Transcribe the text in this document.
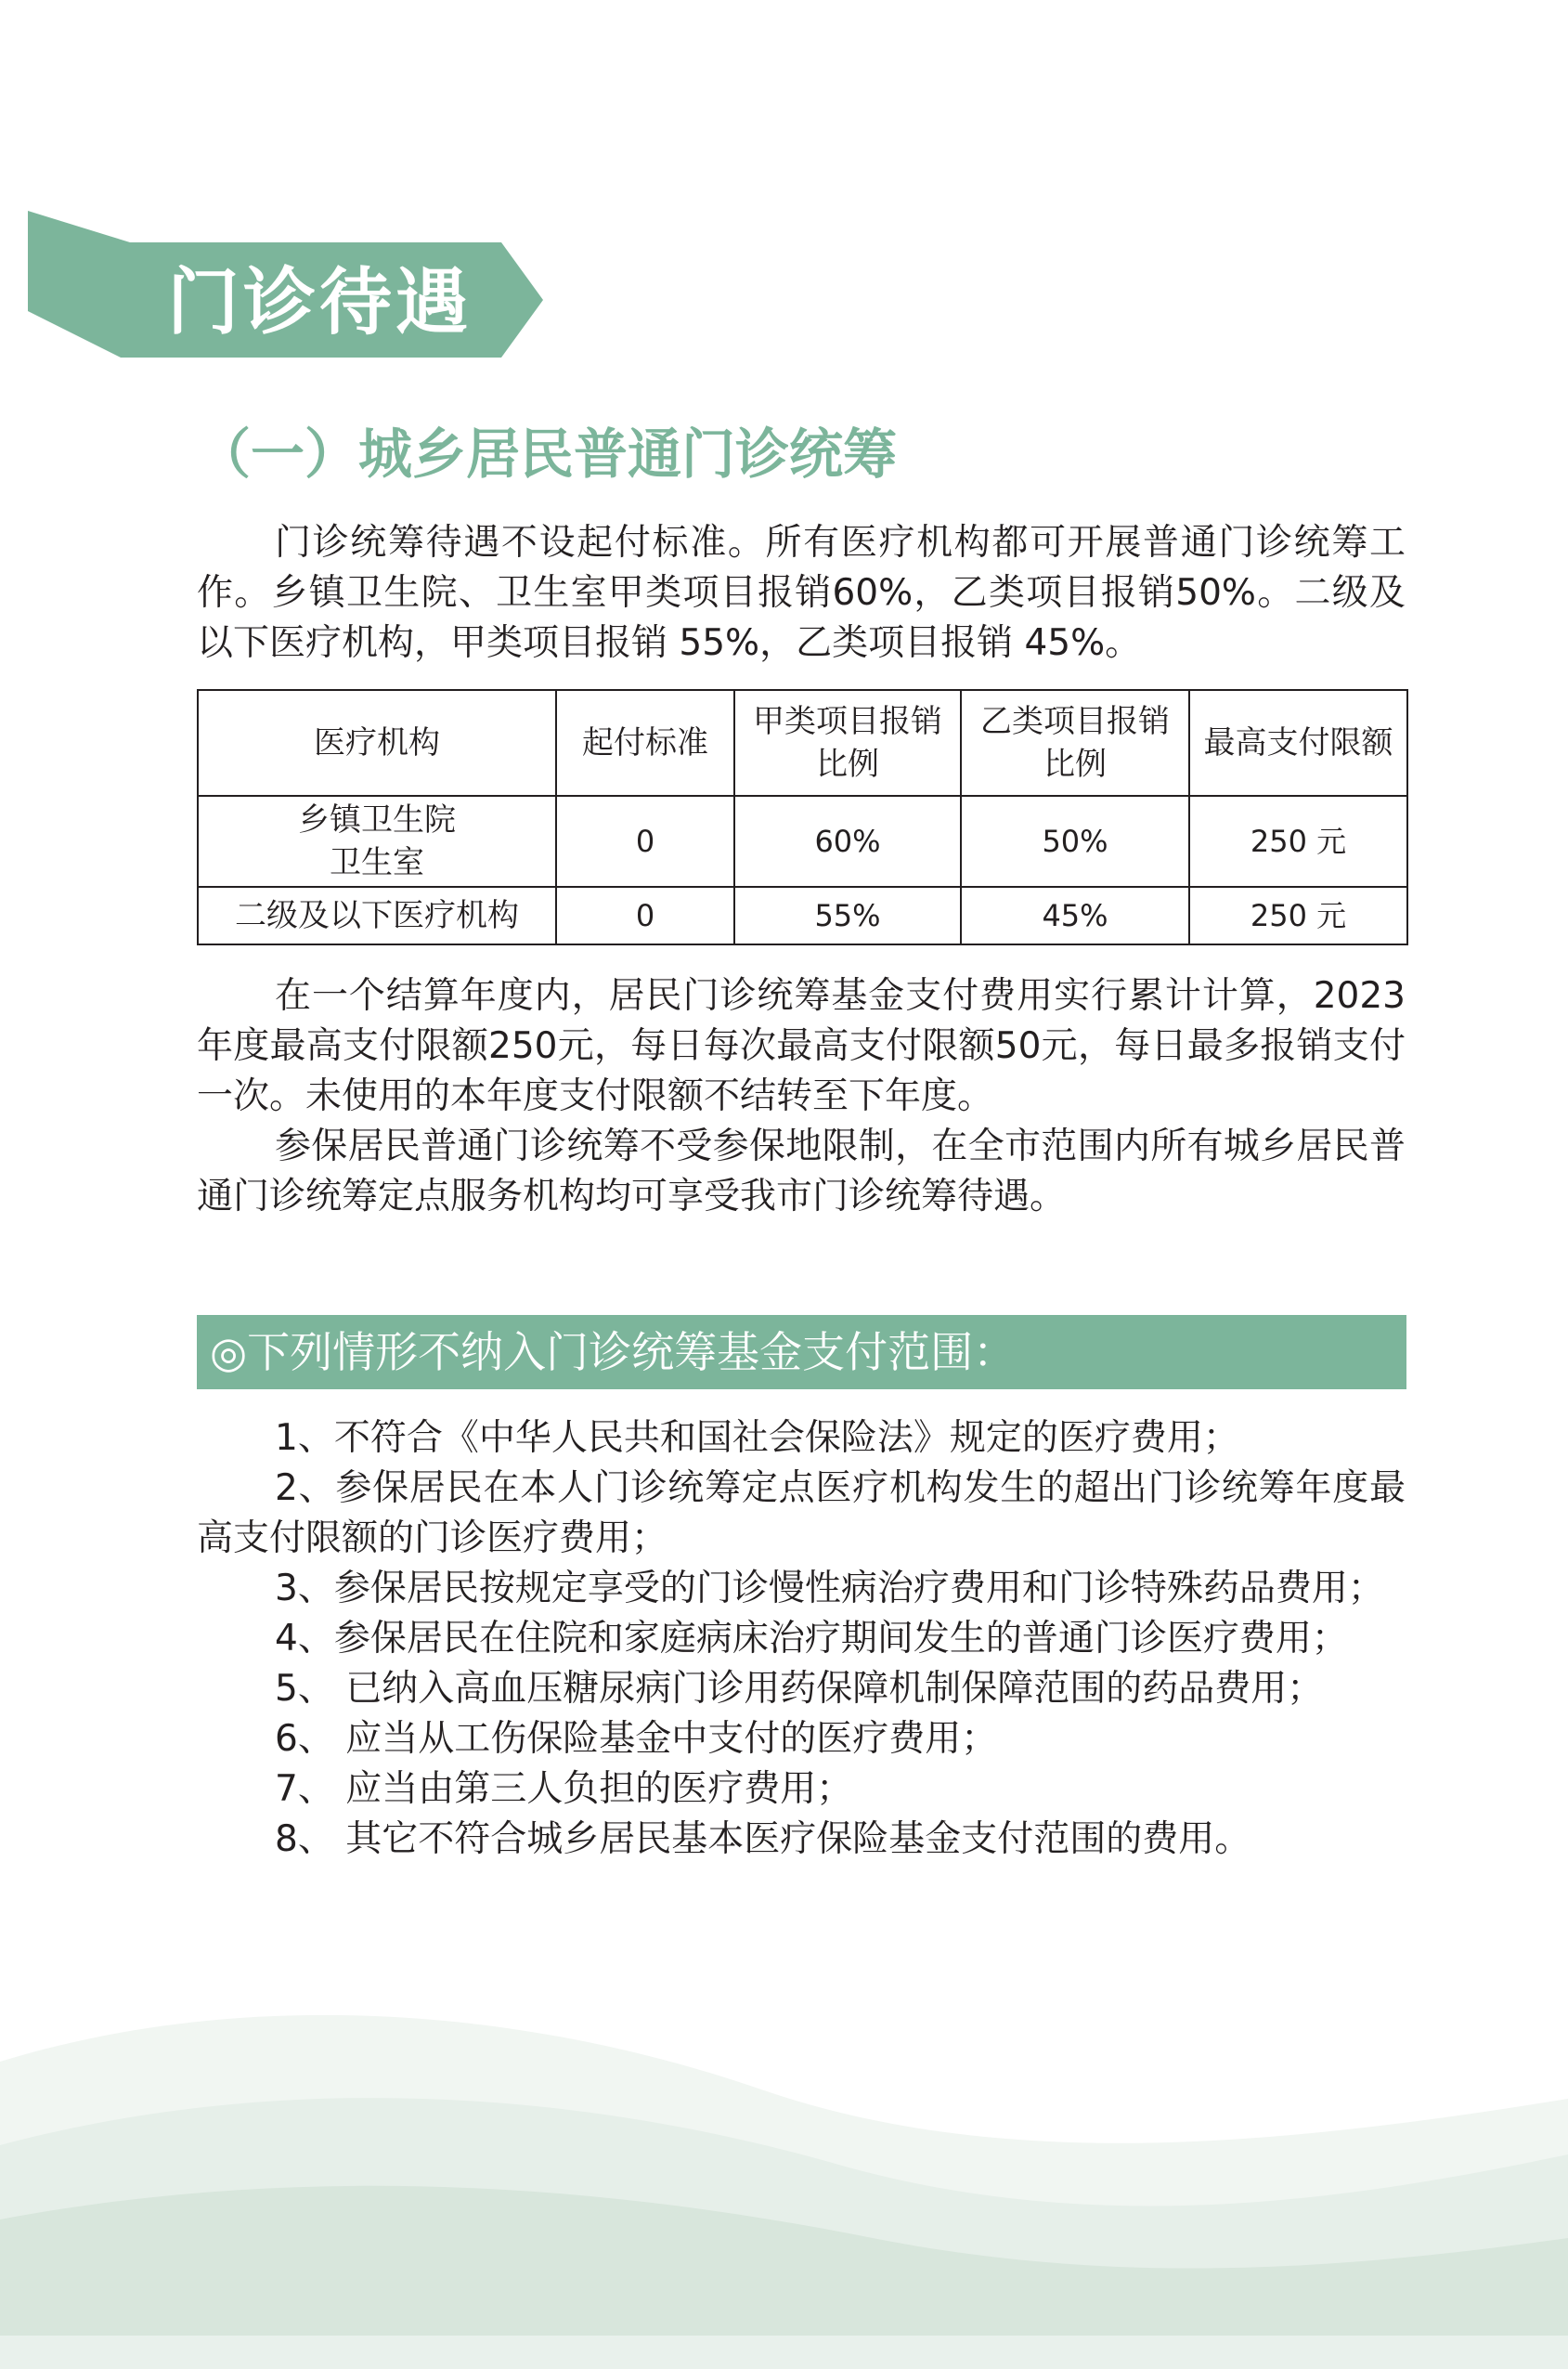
门诊待遇
（一）城乡居民普通门诊统筹

门诊统筹待遇不设起付标准。所有医疗机构都可开展普通门诊统筹工作。乡镇卫生院、卫生室甲类项目报销60%，乙类项目报销50%。二级及以下医疗机构，甲类项目报销 55%，乙类项目报销 45%。

医疗机构	起付标准	甲类项目报销比例	乙类项目报销比例	最高支付限额
乡镇卫生院
卫生室	0	60%	50%	250 元
二级及以下医疗机构	0	55%	45%	250 元

在一个结算年度内，居民门诊统筹基金支付费用实行累计计算，2023年度最高支付限额250元，每日每次最高支付限额50元，每日最多报销支付一次。未使用的本年度支付限额不结转至下年度。

参保居民普通门诊统筹不受参保地限制，在全市范围内所有城乡居民普通门诊统筹定点服务机构均可享受我市门诊统筹待遇。

◎下列情形不纳入门诊统筹基金支付范围：

1、不符合《中华人民共和国社会保险法》规定的医疗费用；
2、参保居民在本人门诊统筹定点医疗机构发生的超出门诊统筹年度最高支付限额的门诊医疗费用；
3、参保居民按规定享受的门诊慢性病治疗费用和门诊特殊药品费用；
4、参保居民在住院和家庭病床治疗期间发生的普通门诊医疗费用；
5、 已纳入高血压糖尿病门诊用药保障机制保障范围的药品费用；
6、 应当从工伤保险基金中支付的医疗费用；
7、 应当由第三人负担的医疗费用；
8、 其它不符合城乡居民基本医疗保险基金支付范围的费用。
